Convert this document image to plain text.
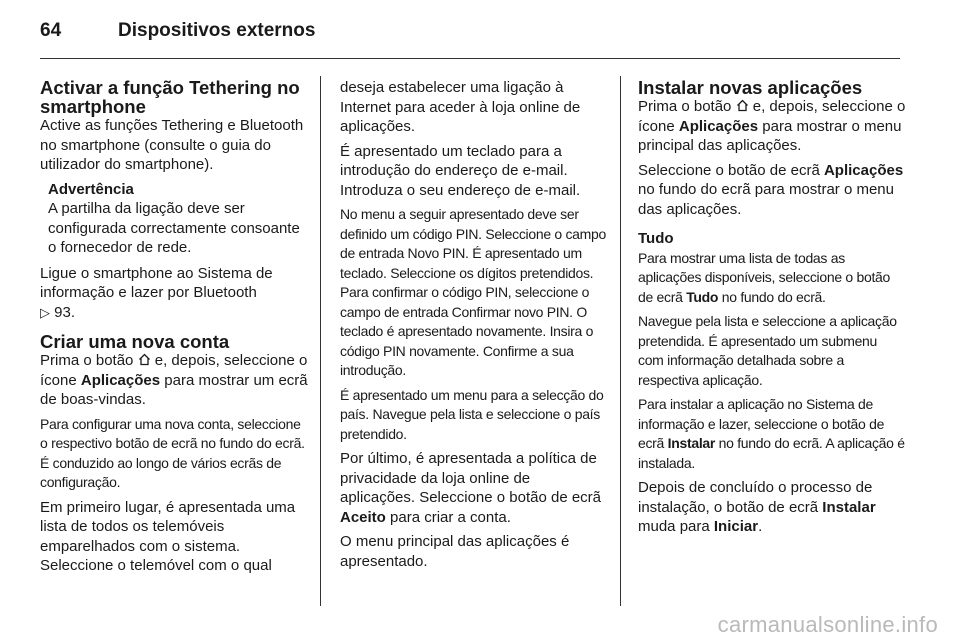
64	Dispositivos externos
Activar a função Tethering no smartphone

Active as funções Tethering e Bluetooth no smartphone (consulte o guia do utilizador do smartphone).

Advertência
A partilha da ligação deve ser configurada correctamente consoante o fornecedor de rede.

Ligue o smartphone ao Sistema de informação e lazer por Bluetooth
▷ 93.

Criar uma nova conta

Prima o botão e, depois, seleccione o ícone Aplicações para mostrar um ecrã de boas-vindas.

Para configurar uma nova conta, seleccione o respectivo botão de ecrã no fundo do ecrã. É conduzido ao longo de vários ecrãs de configuração.

Em primeiro lugar, é apresentada uma lista de todos os telemóveis emparelhados com o sistema. Seleccione o telemóvel com o qual

deseja estabelecer uma ligação à Internet para aceder à loja online de aplicações.

É apresentado um teclado para a introdução do endereço de e-mail. Introduza o seu endereço de e-mail.

No menu a seguir apresentado deve ser definido um código PIN. Seleccione o campo de entrada Novo PIN. É apresentado um teclado. Seleccione os dígitos pretendidos. Para confirmar o código PIN, seleccione o campo de entrada Confirmar novo PIN. O teclado é apresentado novamente. Insira o código PIN novamente. Confirme a sua introdução.

É apresentado um menu para a selecção do país. Navegue pela lista e seleccione o país pretendido.

Por último, é apresentada a política de privacidade da loja online de aplicações. Seleccione o botão de ecrã Aceito para criar a conta.

O menu principal das aplicações é apresentado.

Instalar novas aplicações

Prima o botão e, depois, seleccione o ícone Aplicações para mostrar o menu principal das aplicações.

Seleccione o botão de ecrã Aplicações no fundo do ecrã para mostrar o menu das aplicações.

Tudo

Para mostrar uma lista de todas as aplicações disponíveis, seleccione o botão de ecrã Tudo no fundo do ecrã.

Navegue pela lista e seleccione a aplicação pretendida. É apresentado um submenu com informação detalhada sobre a respectiva aplicação.

Para instalar a aplicação no Sistema de informação e lazer, seleccione o botão de ecrã Instalar no fundo do ecrã. A aplicação é instalada.

Depois de concluído o processo de instalação, o botão de ecrã Instalar muda para Iniciar.

carmanualsonline.info
